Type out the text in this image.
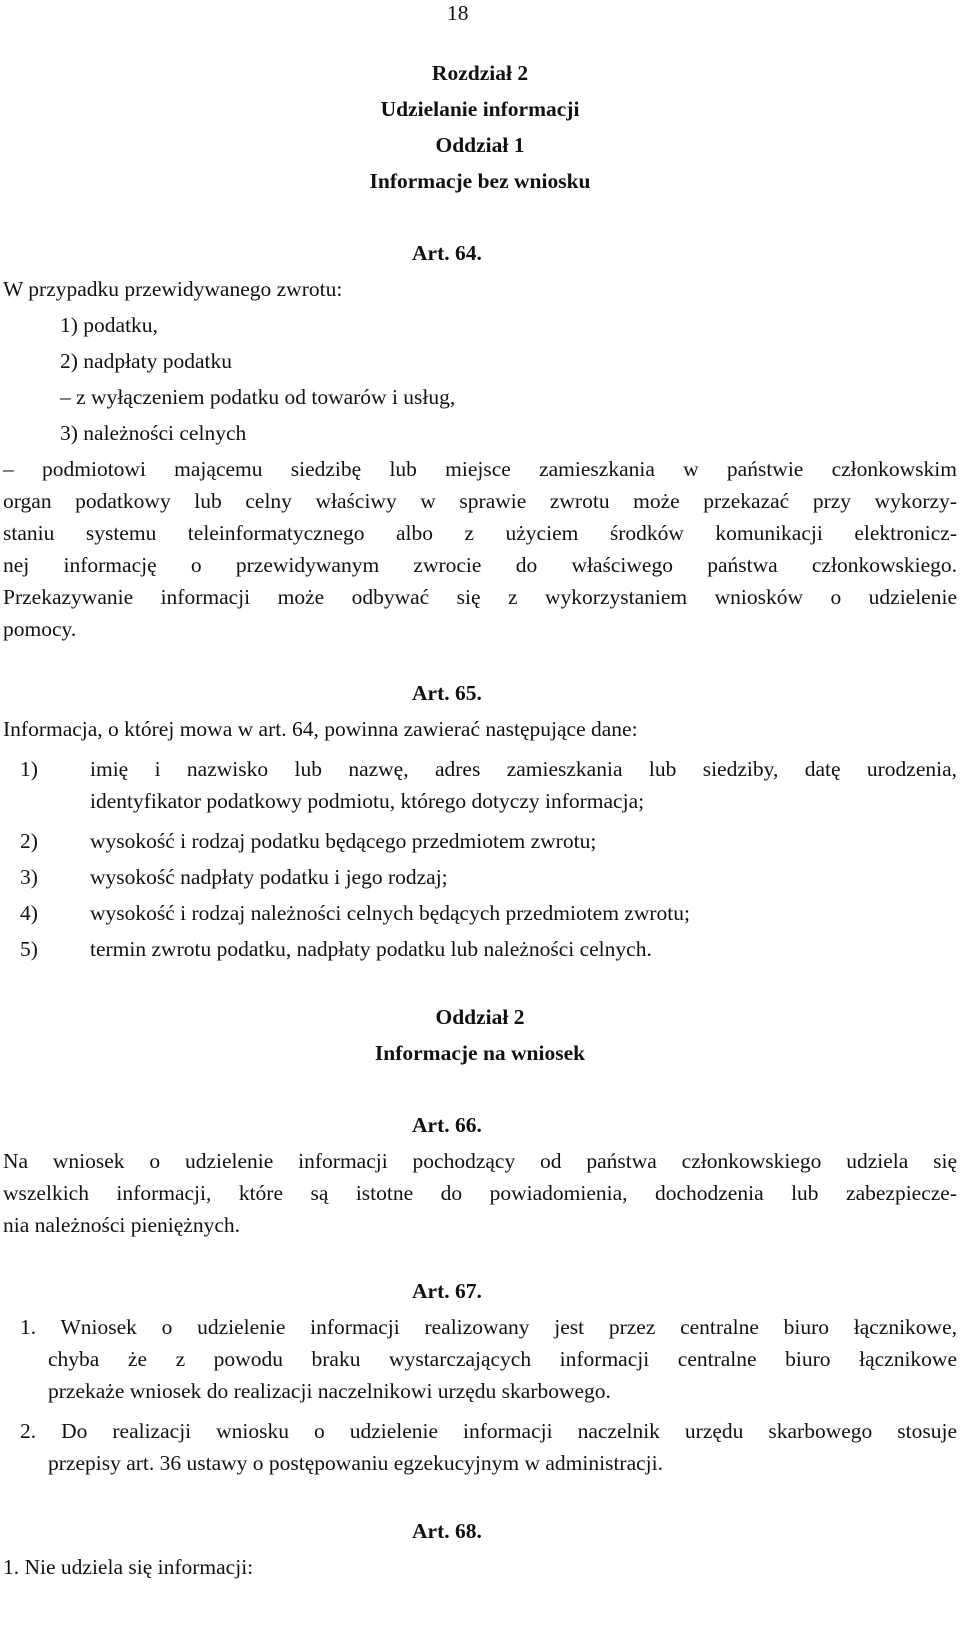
18
Rozdział 2
Udzielanie informacji
Oddział 1
Informacje bez wniosku
Art. 64.
W przypadku przewidywanego zwrotu:
1) podatku,
2) nadpłaty podatku
– z wyłączeniem podatku od towarów i usług,
3) należności celnych
– podmiotowi mającemu siedzibę lub miejsce zamieszkania w państwie członkowskim
organ podatkowy lub celny właściwy w sprawie zwrotu może przekazać przy wykorzy-
staniu systemu teleinformatycznego albo z użyciem środków komunikacji elektronicz-
nej informację o przewidywanym zwrocie do właściwego państwa członkowskiego.
Przekazywanie informacji może odbywać się z wykorzystaniem wniosków o udzielenie
pomocy.
Art. 65.
Informacja, o której mowa w art. 64, powinna zawierać następujące dane:
1) imię i nazwisko lub nazwę, adres zamieszkania lub siedziby, datę urodzenia,
identyfikator podatkowy podmiotu, którego dotyczy informacja;
2) wysokość i rodzaj podatku będącego przedmiotem zwrotu;
3) wysokość nadpłaty podatku i jego rodzaj;
4) wysokość i rodzaj należności celnych będących przedmiotem zwrotu;
5) termin zwrotu podatku, nadpłaty podatku lub należności celnych.
Oddział 2
Informacje na wniosek
Art. 66.
Na wniosek o udzielenie informacji pochodzący od państwa członkowskiego udziela się
wszelkich informacji, które są istotne do powiadomienia, dochodzenia lub zabezpiecze-
nia należności pieniężnych.
Art. 67.
1. Wniosek o udzielenie informacji realizowany jest przez centralne biuro łącznikowe,
chyba że z powodu braku wystarczających informacji centralne biuro łącznikowe
przekaże wniosek do realizacji naczelnikowi urzędu skarbowego.
2. Do realizacji wniosku o udzielenie informacji naczelnik urzędu skarbowego stosuje
przepisy art. 36 ustawy o postępowaniu egzekucyjnym w administracji.
Art. 68.
1. Nie udziela się informacji:
